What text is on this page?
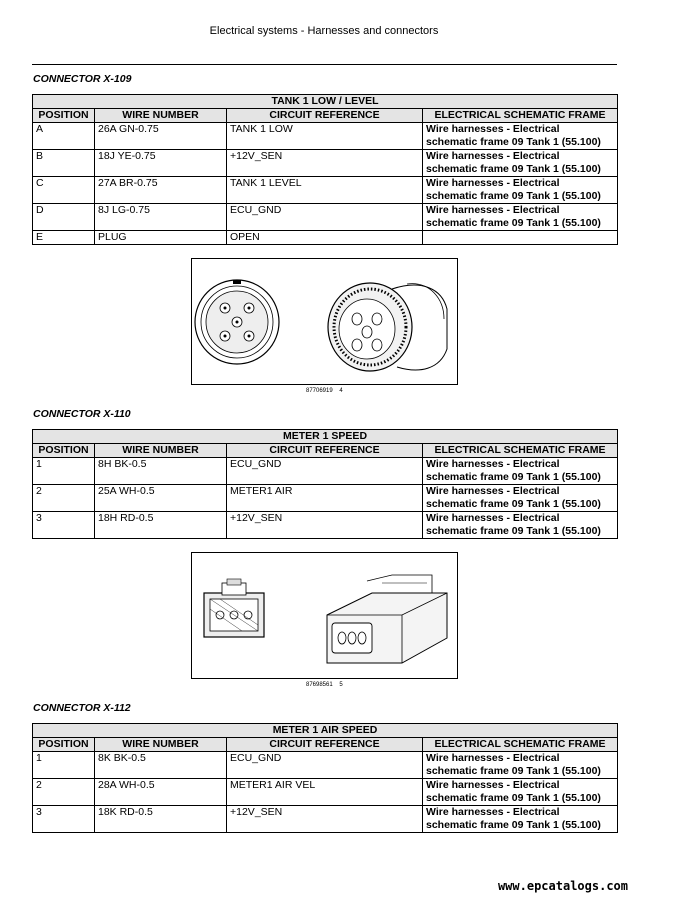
Electrical systems - Harnesses and connectors
CONNECTOR X-109
TANK 1 LOW / LEVEL			
POSITION	WIRE NUMBER	CIRCUIT REFERENCE	ELECTRICAL SCHEMATIC FRAME
A	26A GN-0.75	TANK 1 LOW	Wire harnesses - Electrical
schematic frame 09 Tank 1 (55.100)

B	18J YE-0.75	+12V_SEN	Wire harnesses - Electrical
schematic frame 09 Tank 1 (55.100)

C	27A BR-0.75	TANK 1 LEVEL	Wire harnesses - Electrical
schematic frame 09 Tank 1 (55.100)

D	8J LG-0.75	ECU_GND	Wire harnesses - Electrical
schematic frame 09 Tank 1 (55.100)

E	PLUG	OPEN	
87706919 4
CONNECTOR X-110
METER 1 SPEED			
POSITION	WIRE NUMBER	CIRCUIT REFERENCE	ELECTRICAL SCHEMATIC FRAME
1	8H BK-0.5	ECU_GND	Wire harnesses - Electrical
schematic frame 09 Tank 1 (55.100)

2	25A WH-0.5	METER1 AIR	Wire harnesses - Electrical
schematic frame 09 Tank 1 (55.100)

3	18H RD-0.5	+12V_SEN	Wire harnesses - Electrical
schematic frame 09 Tank 1 (55.100)
87698561 5
CONNECTOR X-112
METER 1 AIR SPEED			
POSITION	WIRE NUMBER	CIRCUIT REFERENCE	ELECTRICAL SCHEMATIC FRAME
1	8K BK-0.5	ECU_GND	Wire harnesses - Electrical
schematic frame 09 Tank 1 (55.100)

2	28A WH-0.5	METER1 AIR VEL	Wire harnesses - Electrical
schematic frame 09 Tank 1 (55.100)

3	18K RD-0.5	+12V_SEN	Wire harnesses - Electrical
schematic frame 09 Tank 1 (55.100)
www.epcatalogs.com
